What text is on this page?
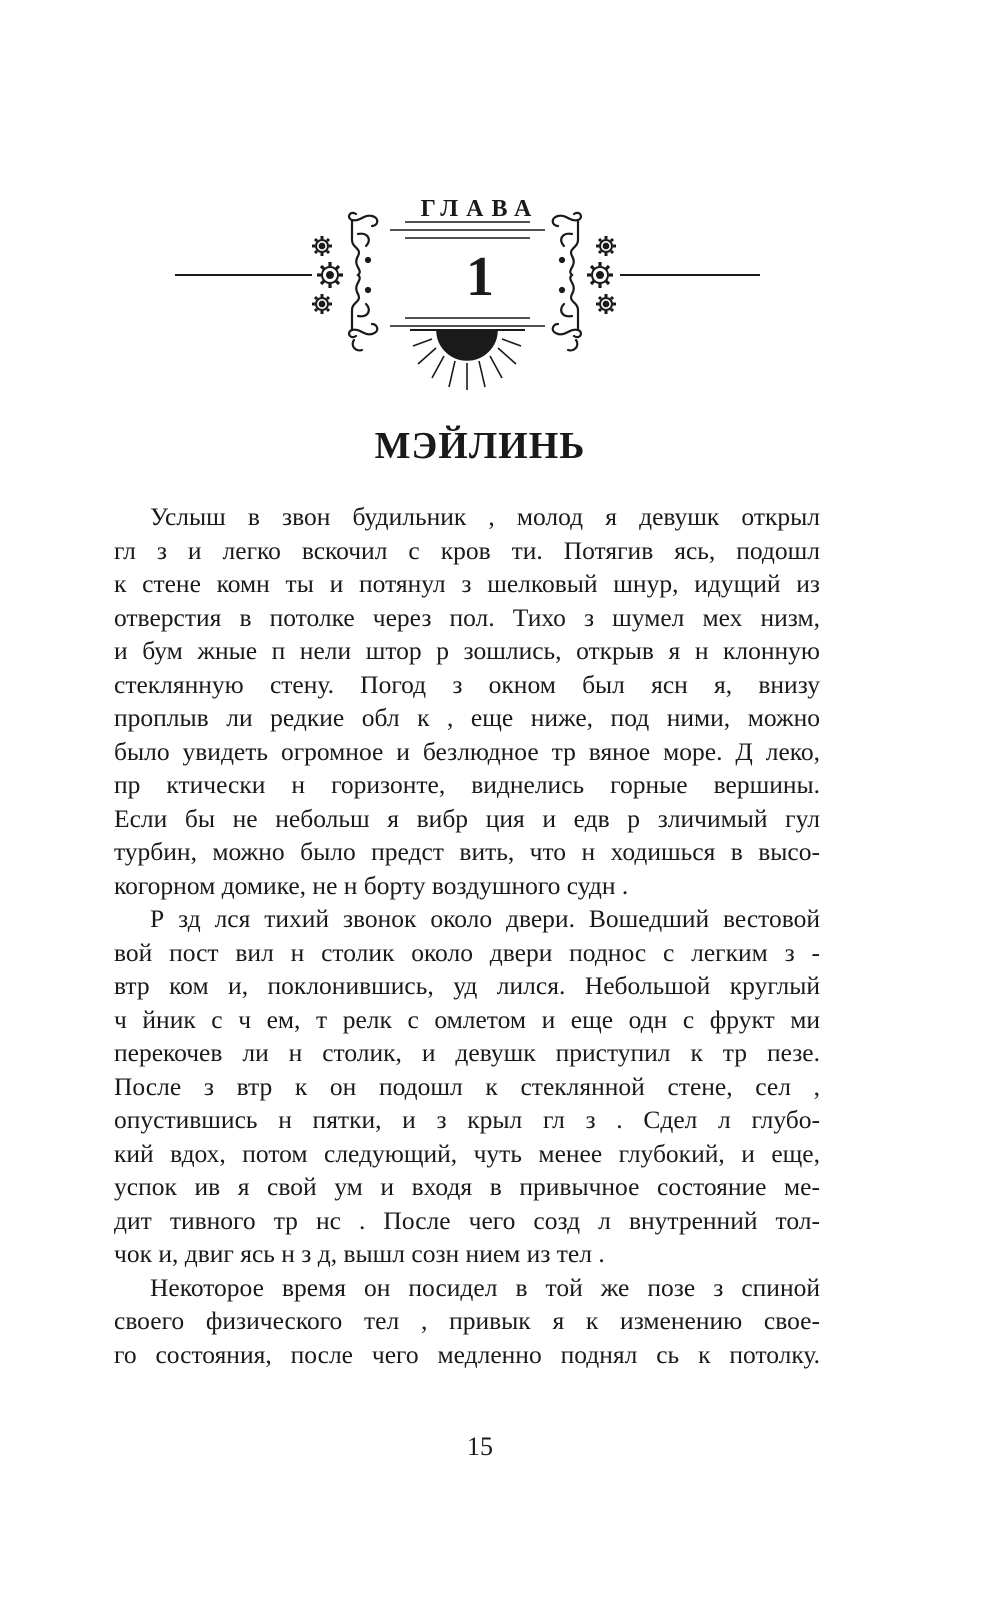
ГЛАВА
1
МЭЙЛИНЬ
Услыш в звон будильник , молод я девушк открыл
гл з и легко вскочил с кров ти. Потягив ясь, подошл
к стене комн ты и потянул з шелковый шнур, идущий из
отверстия в потолке через пол. Тихо з шумел мех низм,
и бум жные п нели штор р зошлись, открыв я н клонную
стеклянную стену. Погод з окном был ясн я, внизу
проплыв ли редкие обл к , еще ниже, под ними, можно
было увидеть огромное и безлюдное тр вяное море. Д леко,
пр ктически н горизонте, виднелись горные вершины.
Если бы не небольш я вибр ция и едв р зличимый гул
турбин, можно было предст вить, что н ходишься в высо-
когорном домике, не н борту воздушного судн .
Р зд лся тихий звонок около двери. Вошедший вестовой
вой пост вил н столик около двери поднос с легким з -
втр ком и, поклонившись, уд лился. Небольшой круглый
ч йник с ч ем, т релк с омлетом и еще одн с фрукт ми
перекочев ли н столик, и девушк приступил к тр пезе.
После з втр к он подошл к стеклянной стене, сел ,
опустившись н пятки, и з крыл гл з . Сдел л глубо-
кий вдох, потом следующий, чуть менее глубокий, и еще,
успок ив я свой ум и входя в привычное состояние ме-
дит тивного тр нс . После чего созд л внутренний тол-
чок и, двиг ясь н з д, вышл созн нием из тел .
Некоторое время он посидел в той же позе з спиной
своего физического тел , привык я к изменению свое-
го состояния, после чего медленно поднял сь к потолку.
15
